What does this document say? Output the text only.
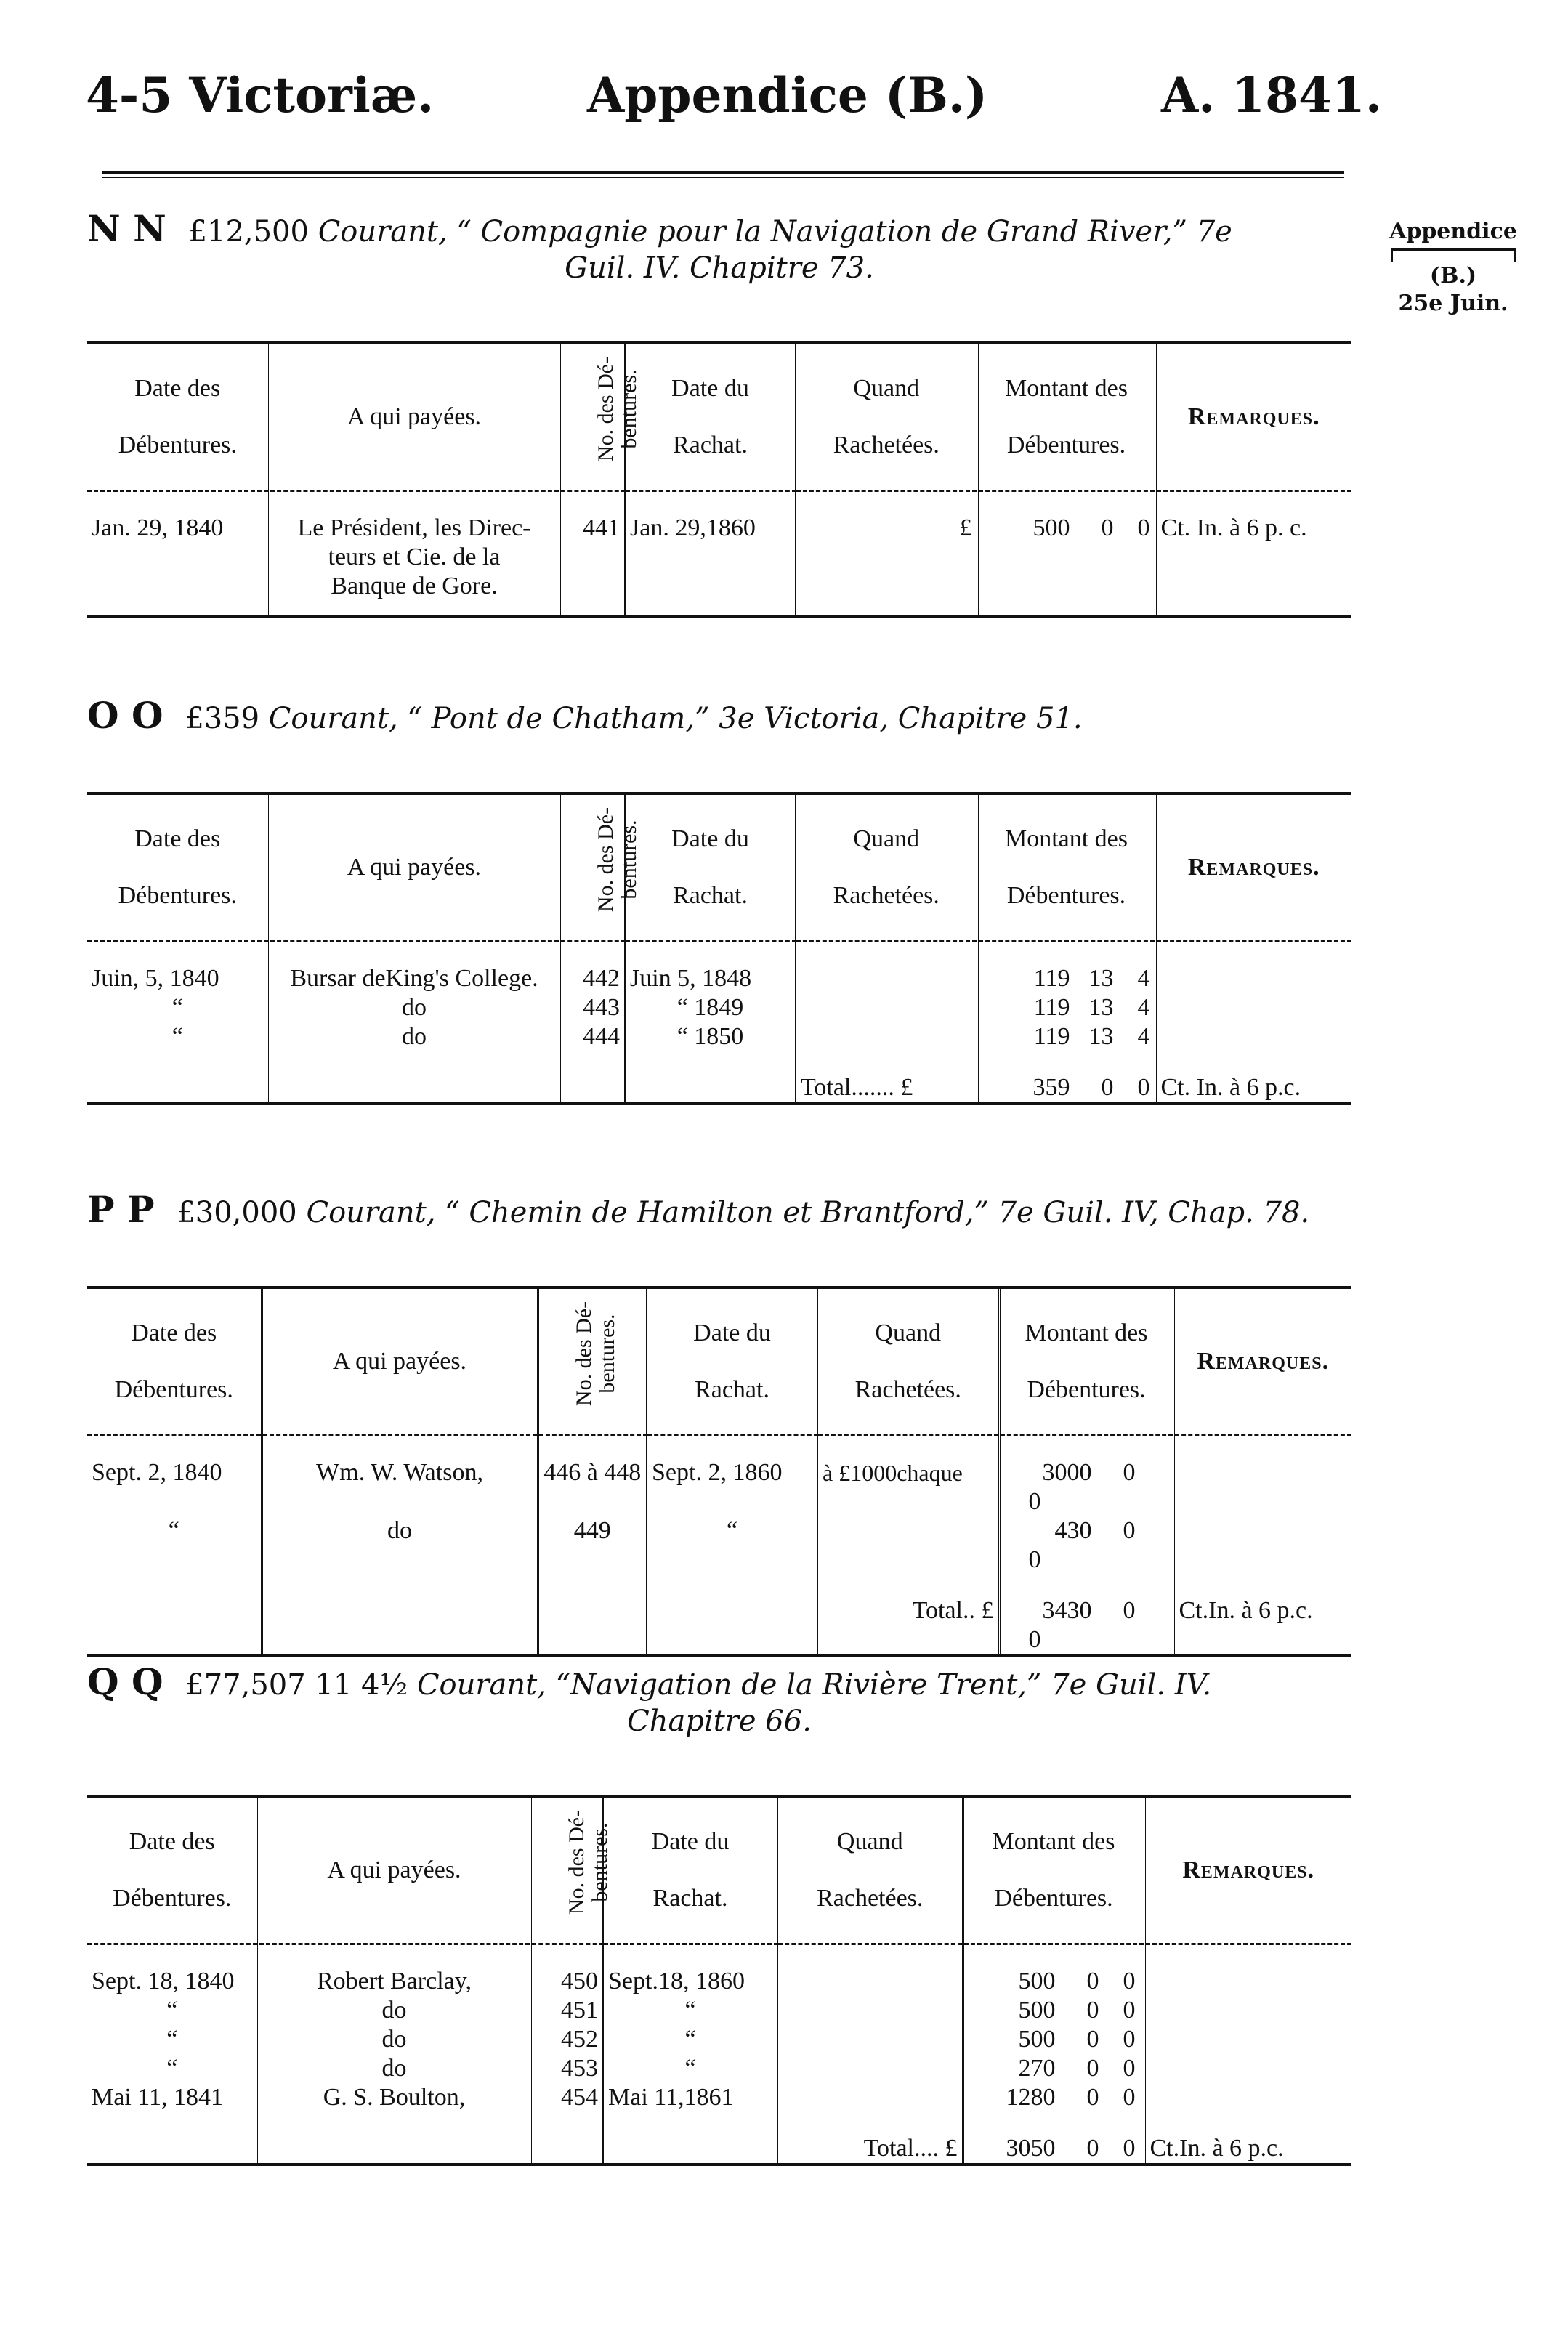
4-5 Victoriæ.	Appendice (B.)	A. 1841.
Appendice
(B.)
25e Juin.
N N £12,500 Courant, “ Compagnie pour la Navigation de Grand River,” 7e
Guil. IV. Chapitre 73.
Date des
Débentures.	A qui payées.	No. des Dé-
bentures.	Date du
Rachat.	Quand
Rachetées.	Montant des
Débentures.	Remarques.
Jan. 29, 1840	Le Président, les Direc-
teurs et Cie. de la
Banque de Gore.	441	Jan. 29,1860	£	500 0 0	Ct. In. à 6 p. c.

O O £359 Courant, “ Pont de Chatham,” 3e Victoria, Chapitre 51.
Date des
Débentures.	A qui payées.	No. des Dé-
bentures.	Date du
Rachat.	Quand
Rachetées.	Montant des
Débentures.	Remarques.
Juin, 5, 1840	Bursar deKing's College.	442	Juin 5, 1848		119 13 4	
“	do	443	“ 1849		119 13 4	
“	do	444	“ 1850		119 13 4	
				Total....... £	359 0 0	Ct. In. à 6 p.c.
P P £30,000 Courant, “ Chemin de Hamilton et Brantford,” 7e Guil. IV, Chap. 78.
Date des
Débentures.	A qui payées.	No. des Dé-
bentures.	Date du
Rachat.	Quand
Rachetées.	Montant des
Débentures.	Remarques.
Sept. 2, 1840	Wm. W. Watson,	446 à 448	Sept. 2, 1860	à £1000chaque	3000 00	
“	do	449	“		430 00	
				Total.. £	3430 00	Ct.In. à 6 p.c.
Q Q £77,507 11 4½ Courant, “Navigation de la Rivière Trent,” 7e Guil. IV.
Chapitre 66.
Date des
Débentures.	A qui payées.	No. des Dé-
bentures.	Date du
Rachat.	Quand
Rachetées.	Montant des
Débentures.	Remarques.
Sept. 18, 1840	Robert Barclay,	450	Sept.18, 1860		500 0 0	
“	do	451	“		500 0 0	
“	do	452	“		500 0 0	
“	do	453	“		270 0 0	
Mai 11, 1841	G. S. Boulton,	454	Mai 11,1861		1280 0 0	
				Total.... £	3050 0 0	Ct.In. à 6 p.c.
